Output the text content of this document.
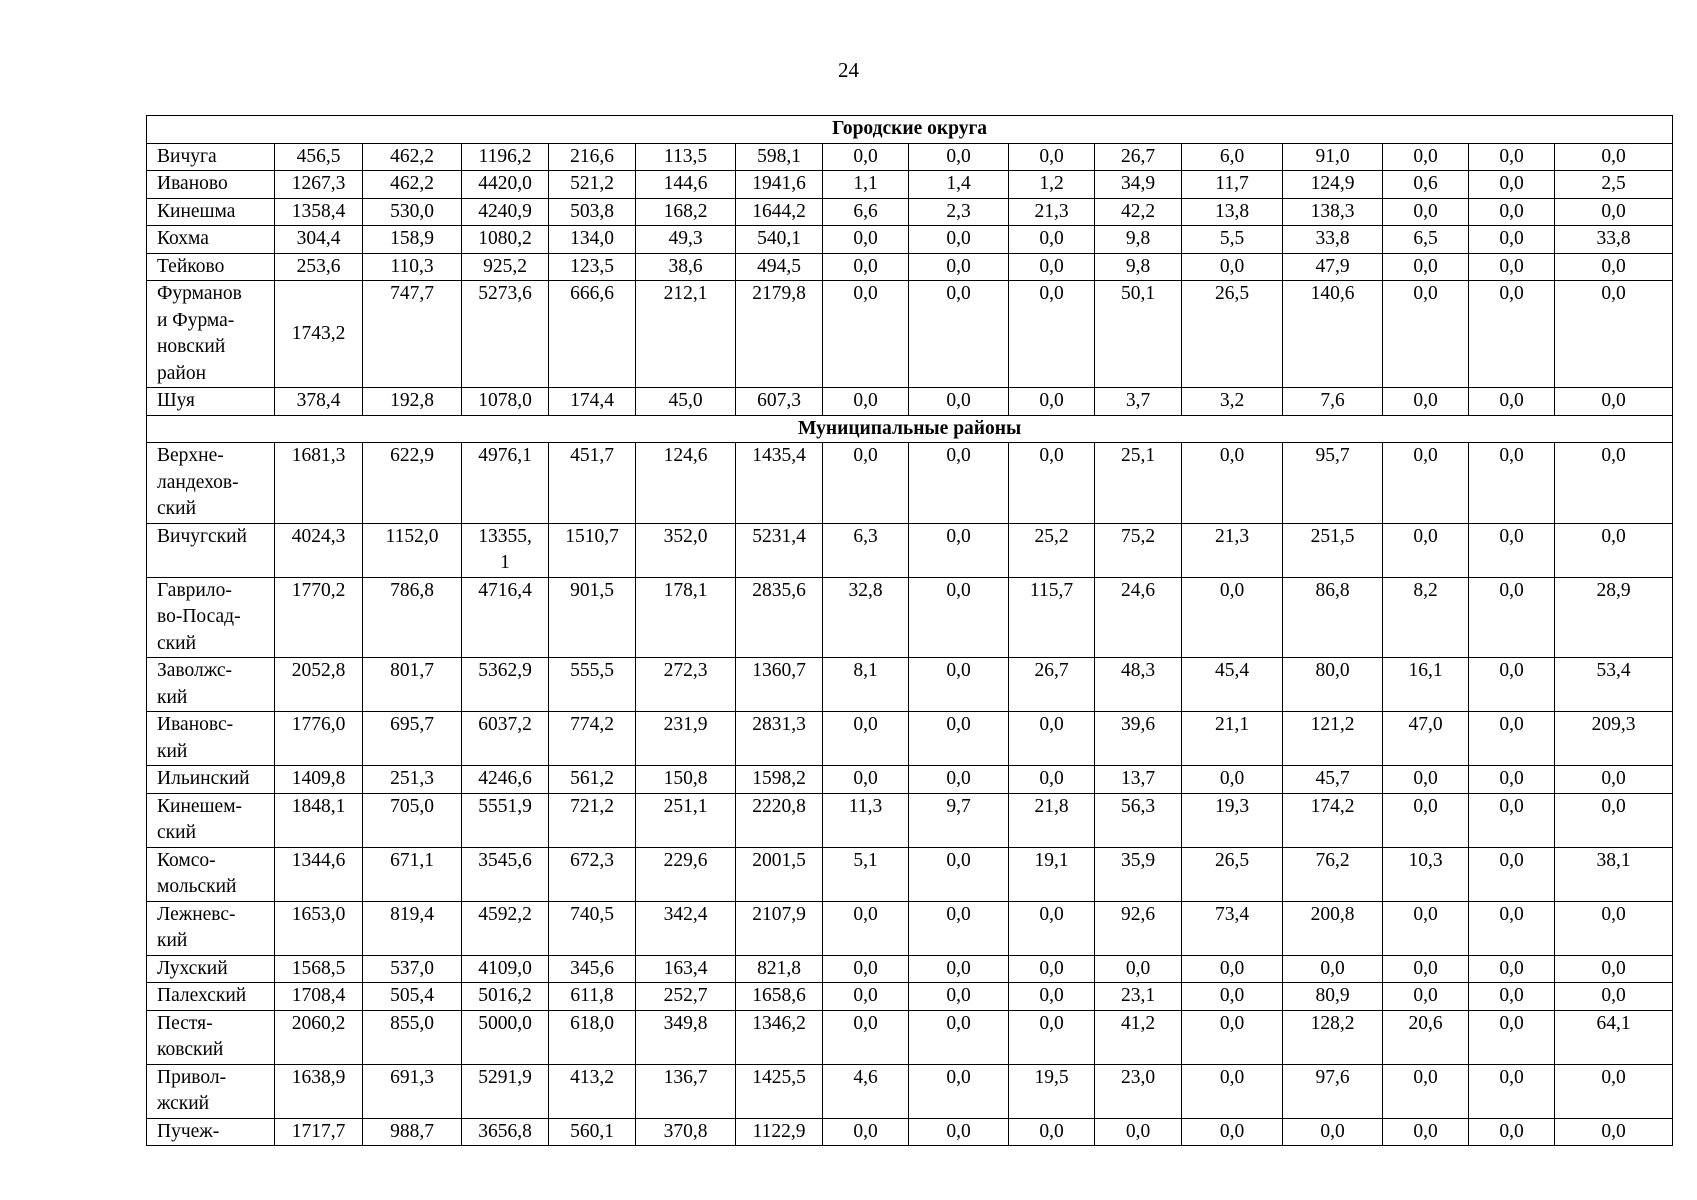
24
Городские округа															
Вичуга	456,5	462,2	1196,2	216,6	113,5	598,1	0,0	0,0	0,0	26,7	6,0	91,0	0,0	0,0	0,0
Иваново	1267,3	462,2	4420,0	521,2	144,6	1941,6	1,1	1,4	1,2	34,9	11,7	124,9	0,6	0,0	2,5
Кинешма	1358,4	530,0	4240,9	503,8	168,2	1644,2	6,6	2,3	21,3	42,2	13,8	138,3	0,0	0,0	0,0
Кохма	304,4	158,9	1080,2	134,0	49,3	540,1	0,0	0,0	0,0	9,8	5,5	33,8	6,5	0,0	33,8
Тейково	253,6	110,3	925,2	123,5	38,6	494,5	0,0	0,0	0,0	9,8	0,0	47,9	0,0	0,0	0,0
Фурманов
и Фурма-
новский
район	1743,2	747,7	5273,6	666,6	212,1	2179,8	0,0	0,0	0,0	50,1	26,5	140,6	0,0	0,0	0,0
Шуя	378,4	192,8	1078,0	174,4	45,0	607,3	0,0	0,0	0,0	3,7	3,2	7,6	0,0	0,0	0,0
Муниципальные районы															
Верхне-
ландехов-
ский	1681,3	622,9	4976,1	451,7	124,6	1435,4	0,0	0,0	0,0	25,1	0,0	95,7	0,0	0,0	0,0
Вичугский	4024,3	1152,0	13355,
1	1510,7	352,0	5231,4	6,3	0,0	25,2	75,2	21,3	251,5	0,0	0,0	0,0
Гаврило-
во-Посад-
ский	1770,2	786,8	4716,4	901,5	178,1	2835,6	32,8	0,0	115,7	24,6	0,0	86,8	8,2	0,0	28,9
Заволжс-
кий	2052,8	801,7	5362,9	555,5	272,3	1360,7	8,1	0,0	26,7	48,3	45,4	80,0	16,1	0,0	53,4
Ивановс-
кий	1776,0	695,7	6037,2	774,2	231,9	2831,3	0,0	0,0	0,0	39,6	21,1	121,2	47,0	0,0	209,3
Ильинский	1409,8	251,3	4246,6	561,2	150,8	1598,2	0,0	0,0	0,0	13,7	0,0	45,7	0,0	0,0	0,0
Кинешем-
ский	1848,1	705,0	5551,9	721,2	251,1	2220,8	11,3	9,7	21,8	56,3	19,3	174,2	0,0	0,0	0,0
Комсо-
мольский	1344,6	671,1	3545,6	672,3	229,6	2001,5	5,1	0,0	19,1	35,9	26,5	76,2	10,3	0,0	38,1
Лежневс-
кий	1653,0	819,4	4592,2	740,5	342,4	2107,9	0,0	0,0	0,0	92,6	73,4	200,8	0,0	0,0	0,0
Лухский	1568,5	537,0	4109,0	345,6	163,4	821,8	0,0	0,0	0,0	0,0	0,0	0,0	0,0	0,0	0,0
Палехский	1708,4	505,4	5016,2	611,8	252,7	1658,6	0,0	0,0	0,0	23,1	0,0	80,9	0,0	0,0	0,0
Пестя-
ковский	2060,2	855,0	5000,0	618,0	349,8	1346,2	0,0	0,0	0,0	41,2	0,0	128,2	20,6	0,0	64,1
Привол-
жский	1638,9	691,3	5291,9	413,2	136,7	1425,5	4,6	0,0	19,5	23,0	0,0	97,6	0,0	0,0	0,0
Пучеж-	1717,7	988,7	3656,8	560,1	370,8	1122,9	0,0	0,0	0,0	0,0	0,0	0,0	0,0	0,0	0,0
